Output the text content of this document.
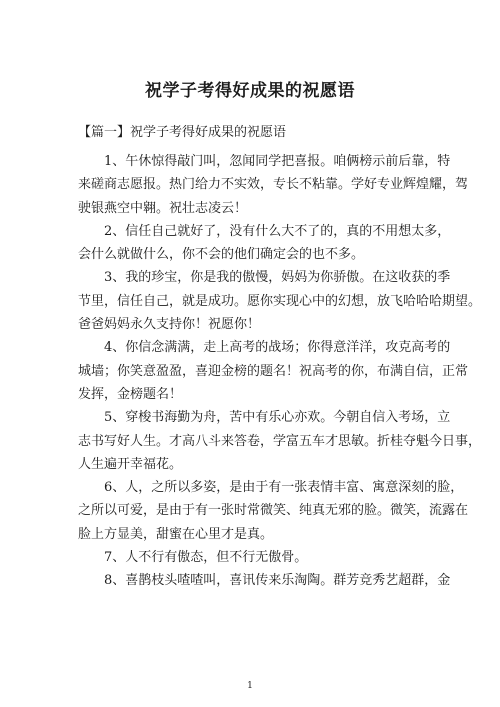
祝学子考得好成果的祝愿语
【篇一】祝学子考得好成果的祝愿语
1、午休惊得敲门叫，忽闻同学把喜报。咱俩榜示前后靠，特
来磋商志愿报。热门给力不实效，专长不粘靠。学好专业辉煌耀，驾
驶银燕空中翱。祝壮志凌云！
2、信任自己就好了，没有什么大不了的，真的不用想太多，
会什么就做什么，你不会的他们确定会的也不多。
3、我的珍宝，你是我的傲慢，妈妈为你骄傲。在这收获的季
节里，信任自己，就是成功。愿你实现心中的幻想，放飞哈哈哈期望。
爸爸妈妈永久支持你！祝愿你！
4、你信念满满，走上高考的战场；你得意洋洋，攻克高考的
城墙；你笑意盈盈，喜迎金榜的题名！祝高考的你，布满自信，正常
发挥，金榜题名！
5、穿梭书海勤为舟，苦中有乐心亦欢。今朝自信入考场，立
志书写好人生。才高八斗来答卷，学富五车才思敏。折桂夺魁今日事，
人生遍开幸福花。
6、人，之所以多姿，是由于有一张表情丰富、寓意深刻的脸，
之所以可爱，是由于有一张时常微笑、纯真无邪的脸。微笑，流露在
脸上方显美，甜蜜在心里才是真。
7、人不行有傲态，但不行无傲骨。
8、喜鹊枝头喳喳叫，喜讯传来乐淘陶。群芳竞秀艺超群，金
1
